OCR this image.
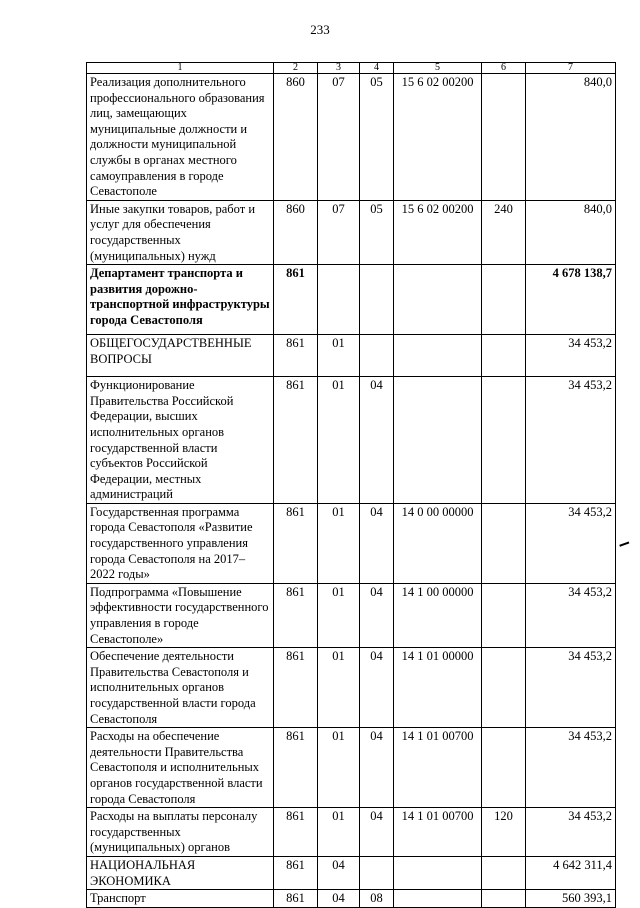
233
1	2	3	4	5	6	7
Реализация дополнительного профессионального образования лиц, замещающих муниципальные должности и должности муниципальной службы в органах местного самоуправления в городе Севастополе	860	07	05	15 6 02 00200		840,0
Иные закупки товаров, работ и услуг для обеспечения государственных (муниципальных) нужд	860	07	05	15 6 02 00200	240	840,0
Департамент транспорта и развития дорожно-транспортной инфраструктуры города Севастополя	861					4 678 138,7
ОБЩЕГОСУДАРСТВЕННЫЕ ВОПРОСЫ	861	01				34 453,2
Функционирование Правительства Российской Федерации, высших исполнительных органов государственной власти субъектов Российской Федерации, местных администраций	861	01	04			34 453,2
Государственная программа города Севастополя «Развитие государственного управления города Севастополя на 2017–2022 годы»	861	01	04	14 0 00 00000		34 453,2
Подпрограмма «Повышение эффективности государственного управления в городе Севастополе»	861	01	04	14 1 00 00000		34 453,2
Обеспечение деятельности Правительства Севастополя и исполнительных органов государственной власти города Севастополя	861	01	04	14 1 01 00000		34 453,2
Расходы на обеспечение деятельности Правительства Севастополя и исполнительных органов государственной власти города Севастополя	861	01	04	14 1 01 00700		34 453,2
Расходы на выплаты персоналу государственных (муниципальных) органов	861	01	04	14 1 01 00700	120	34 453,2
НАЦИОНАЛЬНАЯ ЭКОНОМИКА	861	04				4 642 311,4
Транспорт	861	04	08			560 393,1
